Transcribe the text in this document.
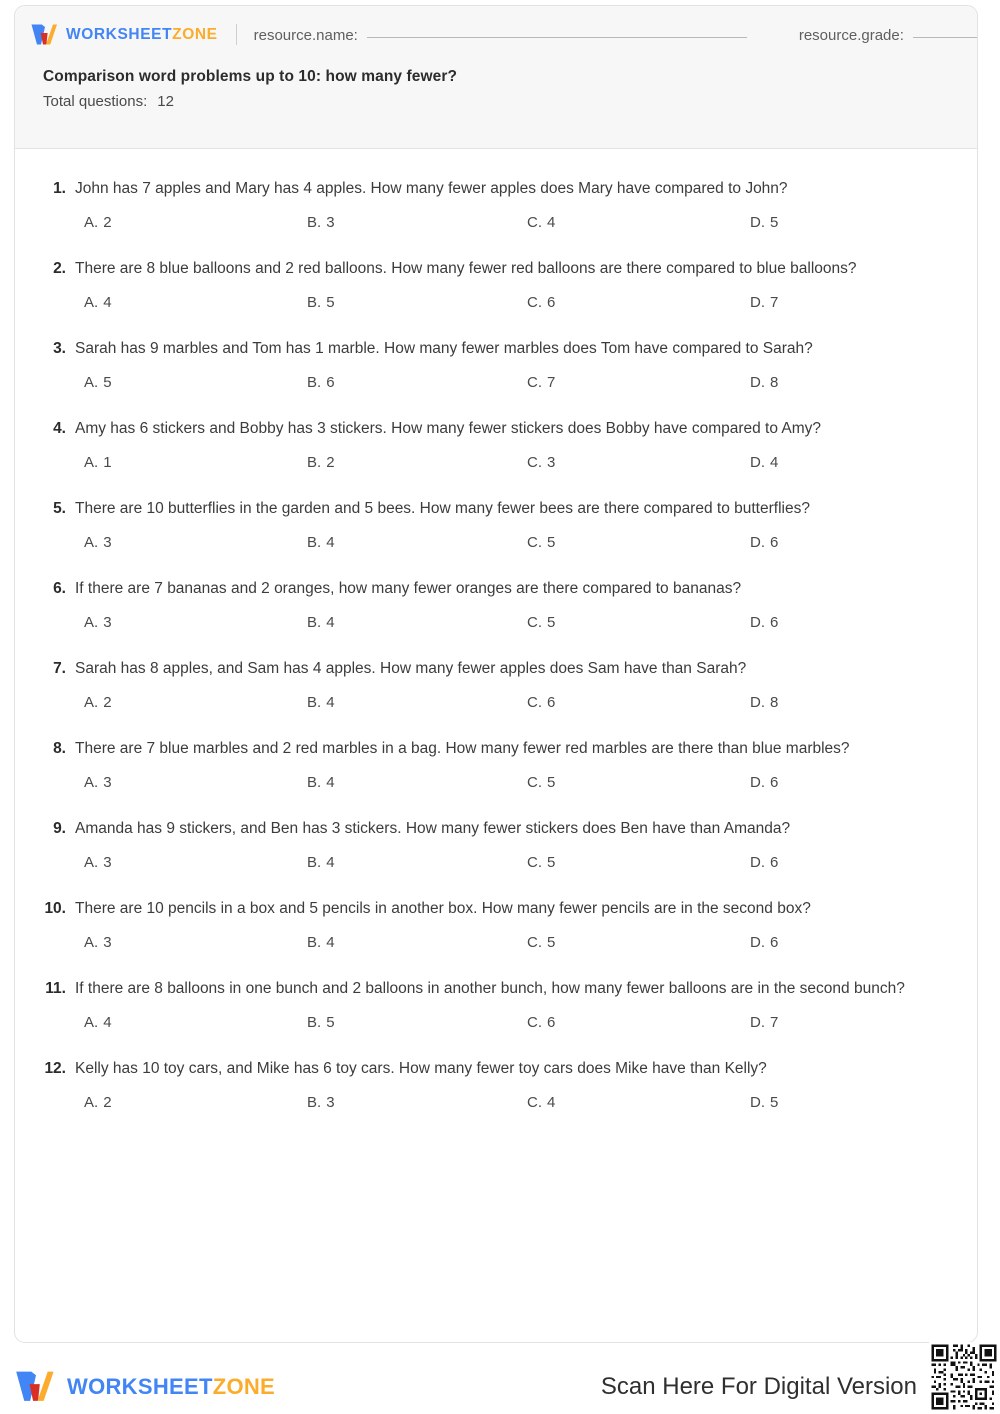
WORKSHEETZONE resource.name:	resource.grade:
Comparison word problems up to 10: how many fewer?
Total questions: 12
1. John has 7 apples and Mary has 4 apples. How many fewer apples does Mary have compared to John?
A. 2	B. 3	C. 4	D. 5
2. There are 8 blue balloons and 2 red balloons. How many fewer red balloons are there compared to blue balloons?
A. 4	B. 5	C. 6	D. 7
3. Sarah has 9 marbles and Tom has 1 marble. How many fewer marbles does Tom have compared to Sarah?
A. 5	B. 6	C. 7	D. 8
4. Amy has 6 stickers and Bobby has 3 stickers. How many fewer stickers does Bobby have compared to Amy?
A. 1	B. 2	C. 3	D. 4
5. There are 10 butterflies in the garden and 5 bees. How many fewer bees are there compared to butterflies?
A. 3	B. 4	C. 5	D. 6
6. If there are 7 bananas and 2 oranges, how many fewer oranges are there compared to bananas?
A. 3	B. 4	C. 5	D. 6
7. Sarah has 8 apples, and Sam has 4 apples. How many fewer apples does Sam have than Sarah?
A. 2	B. 4	C. 6	D. 8
8. There are 7 blue marbles and 2 red marbles in a bag. How many fewer red marbles are there than blue marbles?
A. 3	B. 4	C. 5	D. 6
9. Amanda has 9 stickers, and Ben has 3 stickers. How many fewer stickers does Ben have than Amanda?
A. 3	B. 4	C. 5	D. 6
10. There are 10 pencils in a box and 5 pencils in another box. How many fewer pencils are in the second box?
A. 3	B. 4	C. 5	D. 6
11. If there are 8 balloons in one bunch and 2 balloons in another bunch, how many fewer balloons are in the second bunch?
A. 4	B. 5	C. 6	D. 7
12. Kelly has 10 toy cars, and Mike has 6 toy cars. How many fewer toy cars does Mike have than Kelly?
A. 2	B. 3	C. 4	D. 5
WORKSHEETZONE	Scan Here For Digital Version
